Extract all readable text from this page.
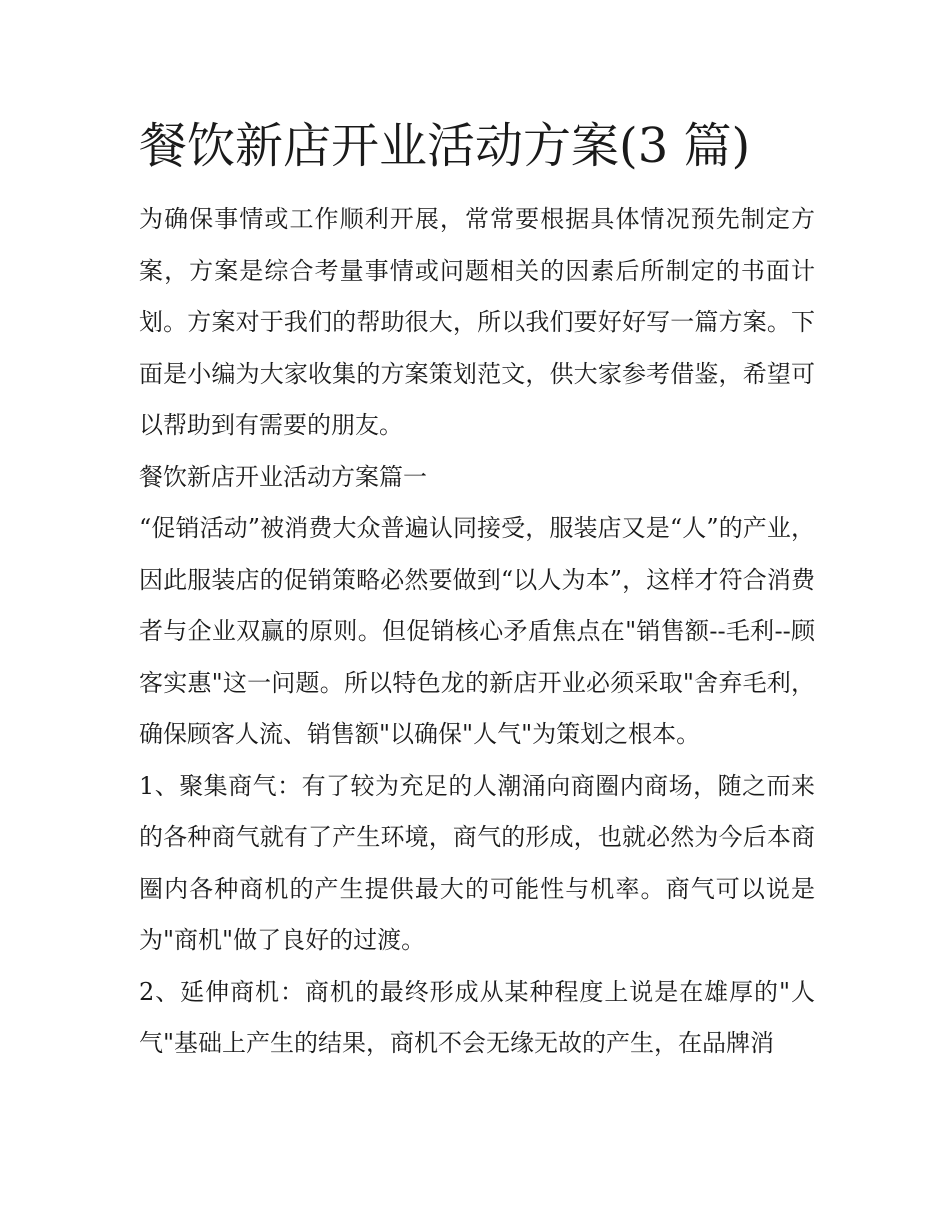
餐饮新店开业活动方案(3 篇)

为确保事情或工作顺利开展，常常要根据具体情况预先制定方案，方案是综合考量事情或问题相关的因素后所制定的书面计划。方案对于我们的帮助很大，所以我们要好好写一篇方案。下面是小编为大家收集的方案策划范文，供大家参考借鉴，希望可以帮助到有需要的朋友。

餐饮新店开业活动方案篇一

“促销活动”被消费大众普遍认同接受，服装店又是“人”的产业，因此服装店的促销策略必然要做到“以人为本”，这样才符合消费者与企业双赢的原则。但促销核心矛盾焦点在"销售额--毛利--顾客实惠"这一问题。所以特色龙的新店开业必须采取"舍弃毛利，确保顾客人流、销售额"以确保"人气"为策划之根本。

1、聚集商气：有了较为充足的人潮涌向商圈内商场，随之而来的各种商气就有了产生环境，商气的形成，也就必然为今后本商圈内各种商机的产生提供最大的可能性与机率。商气可以说是为"商机"做了良好的过渡。

2、延伸商机：商机的最终形成从某种程度上说是在雄厚的"人气"基础上产生的结果，商机不会无缘无故的产生，在品牌消
